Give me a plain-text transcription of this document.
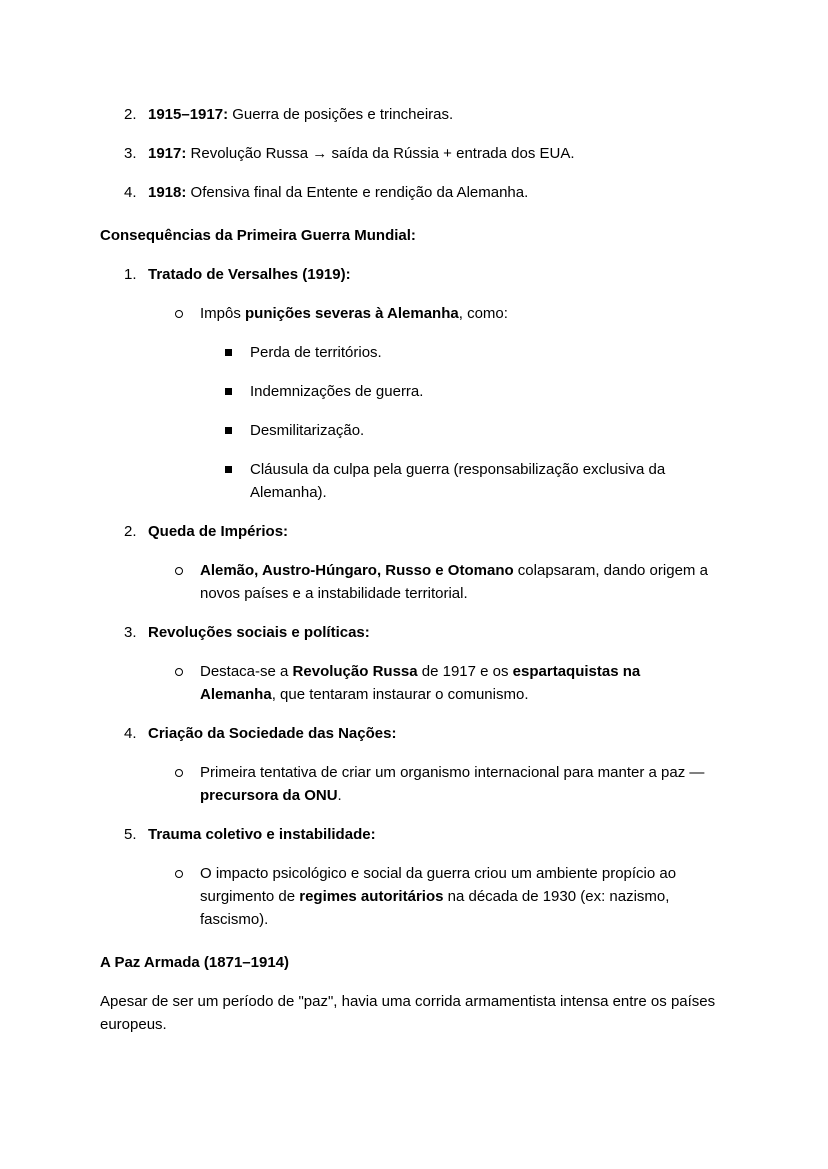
2. 1915–1917: Guerra de posições e trincheiras.
3. 1917: Revolução Russa → saída da Rússia + entrada dos EUA.
4. 1918: Ofensiva final da Entente e rendição da Alemanha.
Consequências da Primeira Guerra Mundial:
1. Tratado de Versalhes (1919):
Impôs punições severas à Alemanha, como:
Perda de territórios.
Indemnizações de guerra.
Desmilitarização.
Cláusula da culpa pela guerra (responsabilização exclusiva da
Alemanha).
2. Queda de Impérios:
Alemão, Austro-Húngaro, Russo e Otomano colapsaram, dando origem a
novos países e a instabilidade territorial.
3. Revoluções sociais e políticas:
Destaca-se a Revolução Russa de 1917 e os espartaquistas na
Alemanha, que tentaram instaurar o comunismo.
4. Criação da Sociedade das Nações:
Primeira tentativa de criar um organismo internacional para manter a paz —
precursora da ONU.
5. Trauma coletivo e instabilidade:
O impacto psicológico e social da guerra criou um ambiente propício ao
surgimento de regimes autoritários na década de 1930 (ex: nazismo,
fascismo).
A Paz Armada (1871–1914)
Apesar de ser um período de "paz", havia uma corrida armamentista intensa entre os países
europeus.
